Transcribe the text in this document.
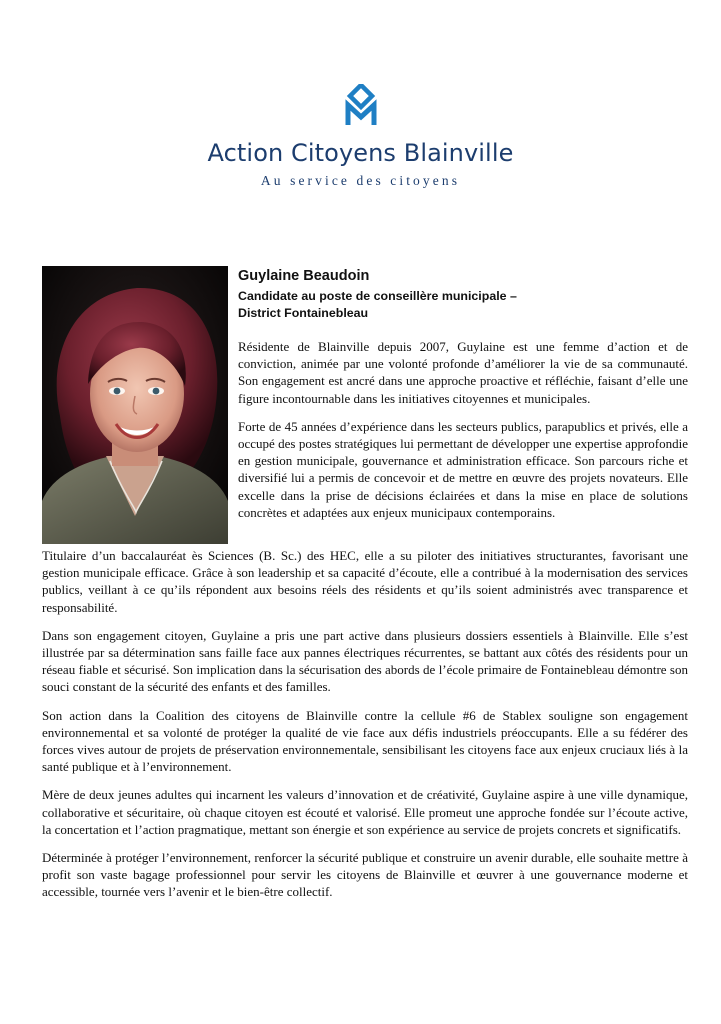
Action Citoyens Blainville
Au service des citoyens

Guylaine Beaudoin

Candidate au poste de conseillère municipale –
District Fontainebleau

Résidente de Blainville depuis 2007, Guylaine est une femme d’action et de conviction, animée par une volonté profonde d’améliorer la vie de sa communauté. Son engagement est ancré dans une approche proactive et réfléchie, faisant d’elle une figure incontournable dans les initiatives citoyennes et municipales.

Forte de 45 années d’expérience dans les secteurs publics, parapublics et privés, elle a occupé des postes stratégiques lui permettant de développer une expertise approfondie en gestion municipale, gouvernance et administration efficace. Son parcours riche et diversifié lui a permis de concevoir et de mettre en œuvre des projets novateurs. Elle excelle dans la prise de décisions éclairées et dans la mise en place de solutions concrètes et adaptées aux enjeux municipaux contemporains.

Titulaire d’un baccalauréat ès Sciences (B. Sc.) des HEC, elle a su piloter des initiatives structurantes, favorisant une gestion municipale efficace. Grâce à son leadership et sa capacité d’écoute, elle a contribué à la modernisation des services publics, veillant à ce qu’ils répondent aux besoins réels des résidents et qu’ils soient administrés avec transparence et responsabilité.

Dans son engagement citoyen, Guylaine a pris une part active dans plusieurs dossiers essentiels à Blainville. Elle s’est illustrée par sa détermination sans faille face aux pannes électriques récurrentes, se battant aux côtés des résidents pour un réseau fiable et sécurisé. Son implication dans la sécurisation des abords de l’école primaire de Fontainebleau démontre son souci constant de la sécurité des enfants et des familles.

Son action dans la Coalition des citoyens de Blainville contre la cellule #6 de Stablex souligne son engagement environnemental et sa volonté de protéger la qualité de vie face aux défis industriels préoccupants. Elle a su fédérer des forces vives autour de projets de préservation environnementale, sensibilisant les citoyens face aux enjeux cruciaux liés à la santé publique et à l’environnement.

Mère de deux jeunes adultes qui incarnent les valeurs d’innovation et de créativité, Guylaine aspire à une ville dynamique, collaborative et sécuritaire, où chaque citoyen est écouté et valorisé. Elle promeut une approche fondée sur l’écoute active, la concertation et l’action pragmatique, mettant son énergie et son expérience au service de projets concrets et significatifs.

Déterminée à protéger l’environnement, renforcer la sécurité publique et construire un avenir durable, elle souhaite mettre à profit son vaste bagage professionnel pour servir les citoyens de Blainville et œuvrer à une gouvernance moderne et accessible, tournée vers l’avenir et le bien-être collectif.
